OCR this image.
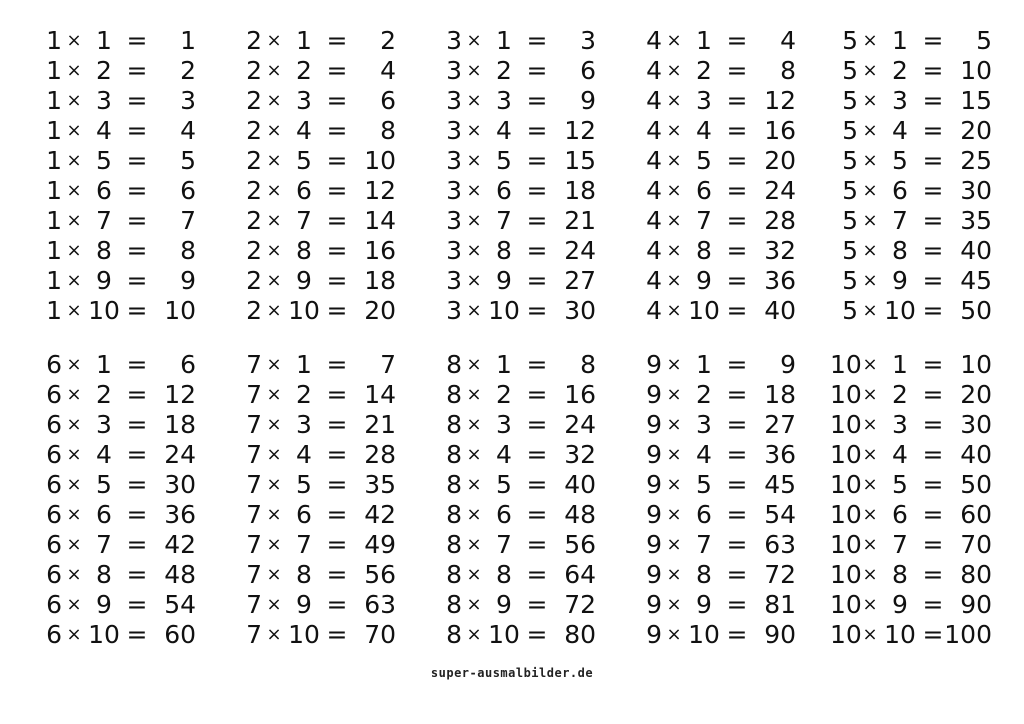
1 × 1 =	1
1 × 2 =	2
1 × 3 =	3
1 × 4 =	4
1 × 5 =	5
1 × 6 =	6
1 × 7 =	7
1 × 8 =	8
1 × 9 =	9
1 × 10 = 10
2 × 1 =	2
2 × 2 =	4
2 × 3 =	6
2 × 4 =	8
2 × 5 = 10
2 × 6 = 12
2 × 7 = 14
2 × 8 = 16
2 × 9 = 18
2 × 10 = 20
3 × 1 =	3
3 × 2 =	6
3 × 3 =	9
3 × 4 = 12
3 × 5 = 15
3 × 6 = 18
3 × 7 = 21
3 × 8 = 24
3 × 9 = 27
3 × 10 = 30
4 × 1 =	4
4 × 2 =	8
4 × 3 = 12
4 × 4 = 16
4 × 5 = 20
4 × 6 = 24
4 × 7 = 28
4 × 8 = 32
4 × 9 = 36
4 × 10 = 40
5 × 1 =	5
5 × 2 = 10
5 × 3 = 15
5 × 4 = 20
5 × 5 = 25
5 × 6 = 30
5 × 7 = 35
5 × 8 = 40
5 × 9 = 45
5 × 10 = 50
6 × 1 =	6
6 × 2 = 12
6 × 3 = 18
6 × 4 = 24
6 × 5 = 30
6 × 6 = 36
6 × 7 = 42
6 × 8 = 48
6 × 9 = 54
6 × 10 = 60
7 × 1 =	7
7 × 2 = 14
7 × 3 = 21
7 × 4 = 28
7 × 5 = 35
7 × 6 = 42
7 × 7 = 49
7 × 8 = 56
7 × 9 = 63
7 × 10 = 70
8 × 1 =	8
8 × 2 = 16
8 × 3 = 24
8 × 4 = 32
8 × 5 = 40
8 × 6 = 48
8 × 7 = 56
8 × 8 = 64
8 × 9 = 72
8 × 10 = 80
9 × 1 =	9
9 × 2 = 18
9 × 3 = 27
9 × 4 = 36
9 × 5 = 45
9 × 6 = 54
9 × 7 = 63
9 × 8 = 72
9 × 9 = 81
9 × 10 = 90
10 × 1 = 10
10 × 2 = 20
10 × 3 = 30
10 × 4 = 40
10 × 5 = 50
10 × 6 = 60
10 × 7 = 70
10 × 8 = 80
10 × 9 = 90
10 × 10 = 100
super-ausmalbilder.de
